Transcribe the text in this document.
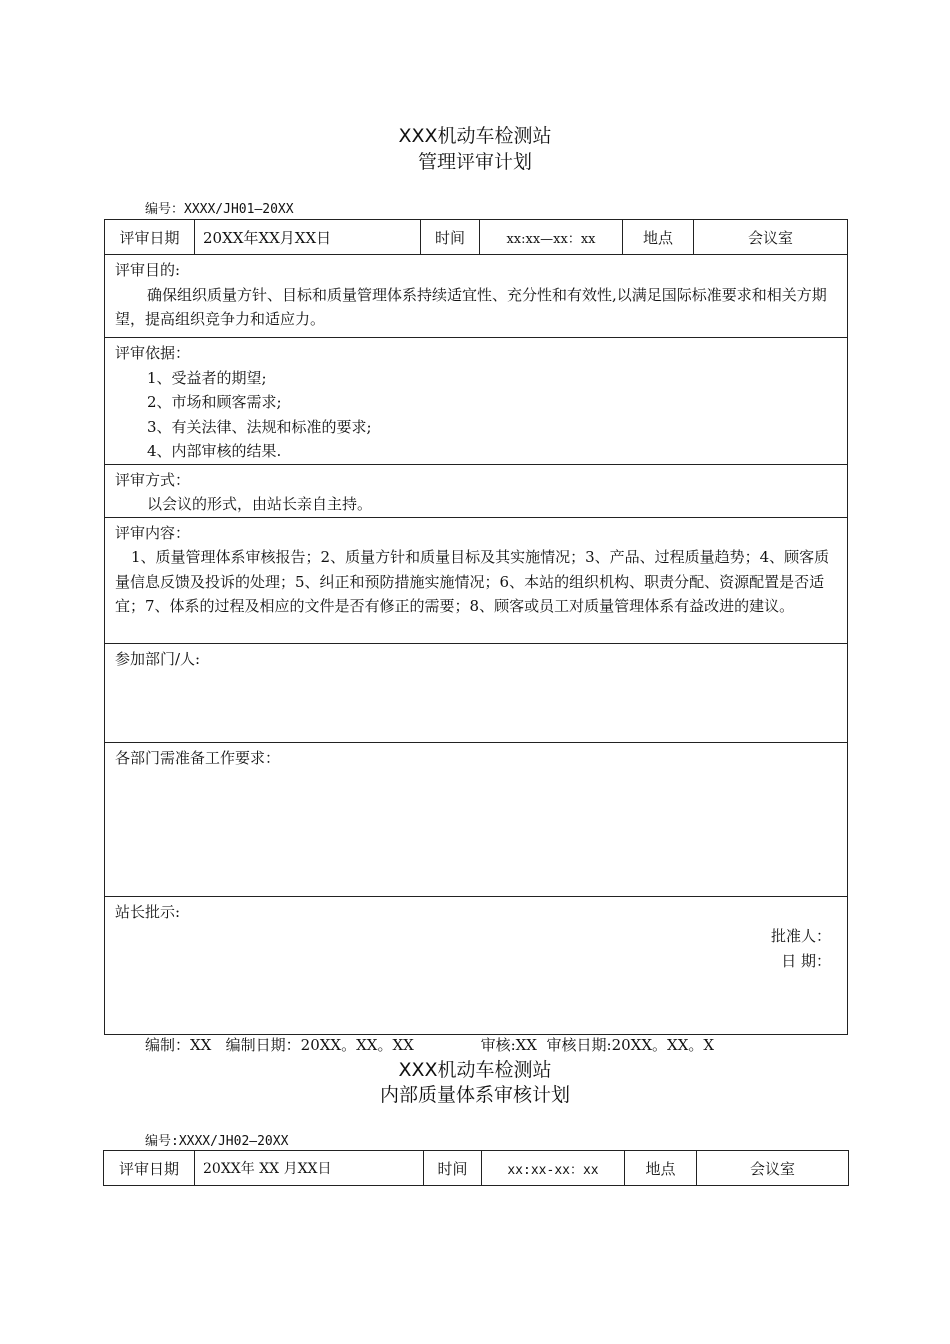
XXX机动车检测站
管理评审计划
编号：XXXX/JH01—20XX
评审日期	20XX年XX月XX日	时间	xx:xx—xx：xx	地点	会议室

评审目的:
确保组织质量方针、目标和质量管理体系持续适宜性、充分性和有效性,以满足国际标准要求和相关方期望，提高组织竞争力和适应力。

评审依据：
1、受益者的期望;
2、市场和顾客需求;
3、有关法律、法规和标准的要求;
4、内部审核的结果.

评审方式：
以会议的形式，由站长亲自主持。

评审内容：
1、质量管理体系审核报告；2、质量方针和质量目标及其实施情况；3、产品、过程质量趋势；4、顾客质量信息反馈及投诉的处理；5、纠正和预防措施实施情况；6、本站的组织机构、职责分配、资源配置是否适宜；7、体系的过程及相应的文件是否有修正的需要；8、顾客或员工对质量管理体系有益改进的建议。

参加部门/人:

各部门需准备工作要求：

站长批示:
批准人：
日 期：
编制：XX   编制日期：20XX。XX。XX              审核:XX  审核日期:20XX。XX。X
XXX机动车检测站
内部质量体系审核计划
编号:XXXX/JH02—20XX
评审日期	20XX年 XX 月XX日	时间	xx:xx-xx：xx	地点	会议室
